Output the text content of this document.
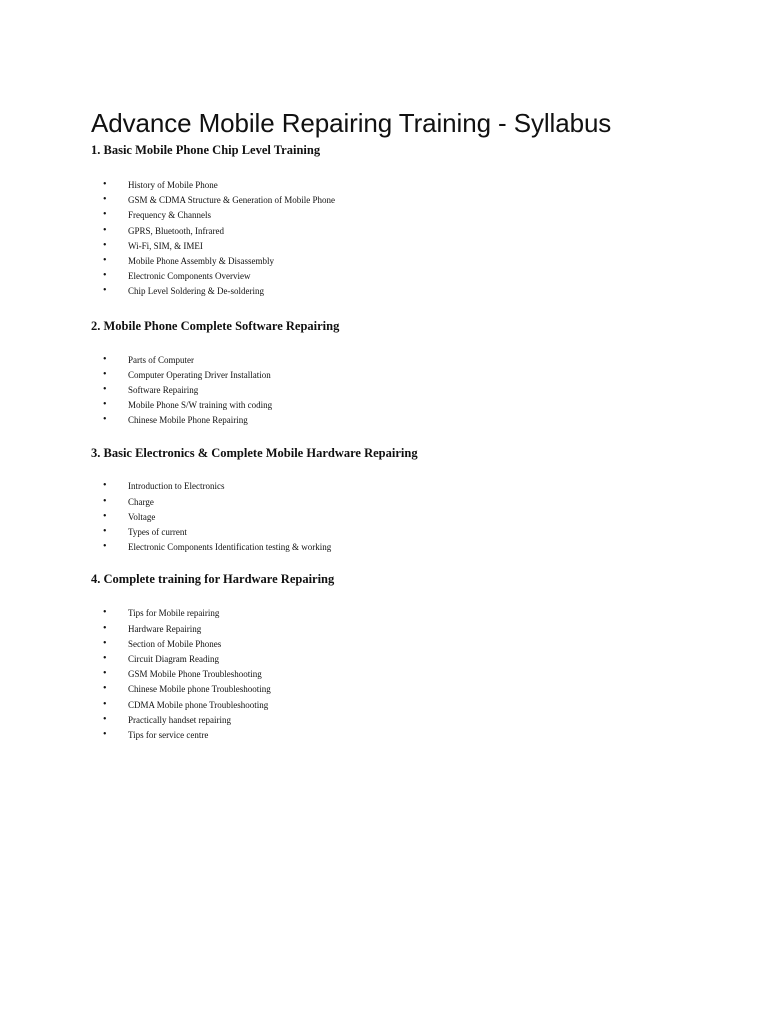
Advance Mobile Repairing Training - Syllabus
1. Basic Mobile Phone Chip Level Training
• History of Mobile Phone
• GSM & CDMA Structure & Generation of Mobile Phone
• Frequency & Channels
• GPRS, Bluetooth, Infrared
• Wi-Fi, SIM, & IMEI
• Mobile Phone Assembly & Disassembly
• Electronic Components Overview
• Chip Level Soldering & De-soldering
2. Mobile Phone Complete Software Repairing
• Parts of Computer
• Computer Operating Driver Installation
• Software Repairing
• Mobile Phone S/W training with coding
• Chinese Mobile Phone Repairing
3. Basic Electronics & Complete Mobile Hardware Repairing
• Introduction to Electronics
• Charge
• Voltage
• Types of current
• Electronic Components Identification testing & working
4. Complete training for Hardware Repairing
• Tips for Mobile repairing
• Hardware Repairing
• Section of Mobile Phones
• Circuit Diagram Reading
• GSM Mobile Phone Troubleshooting
• Chinese Mobile phone Troubleshooting
• CDMA Mobile phone Troubleshooting
• Practically handset repairing
• Tips for service centre
